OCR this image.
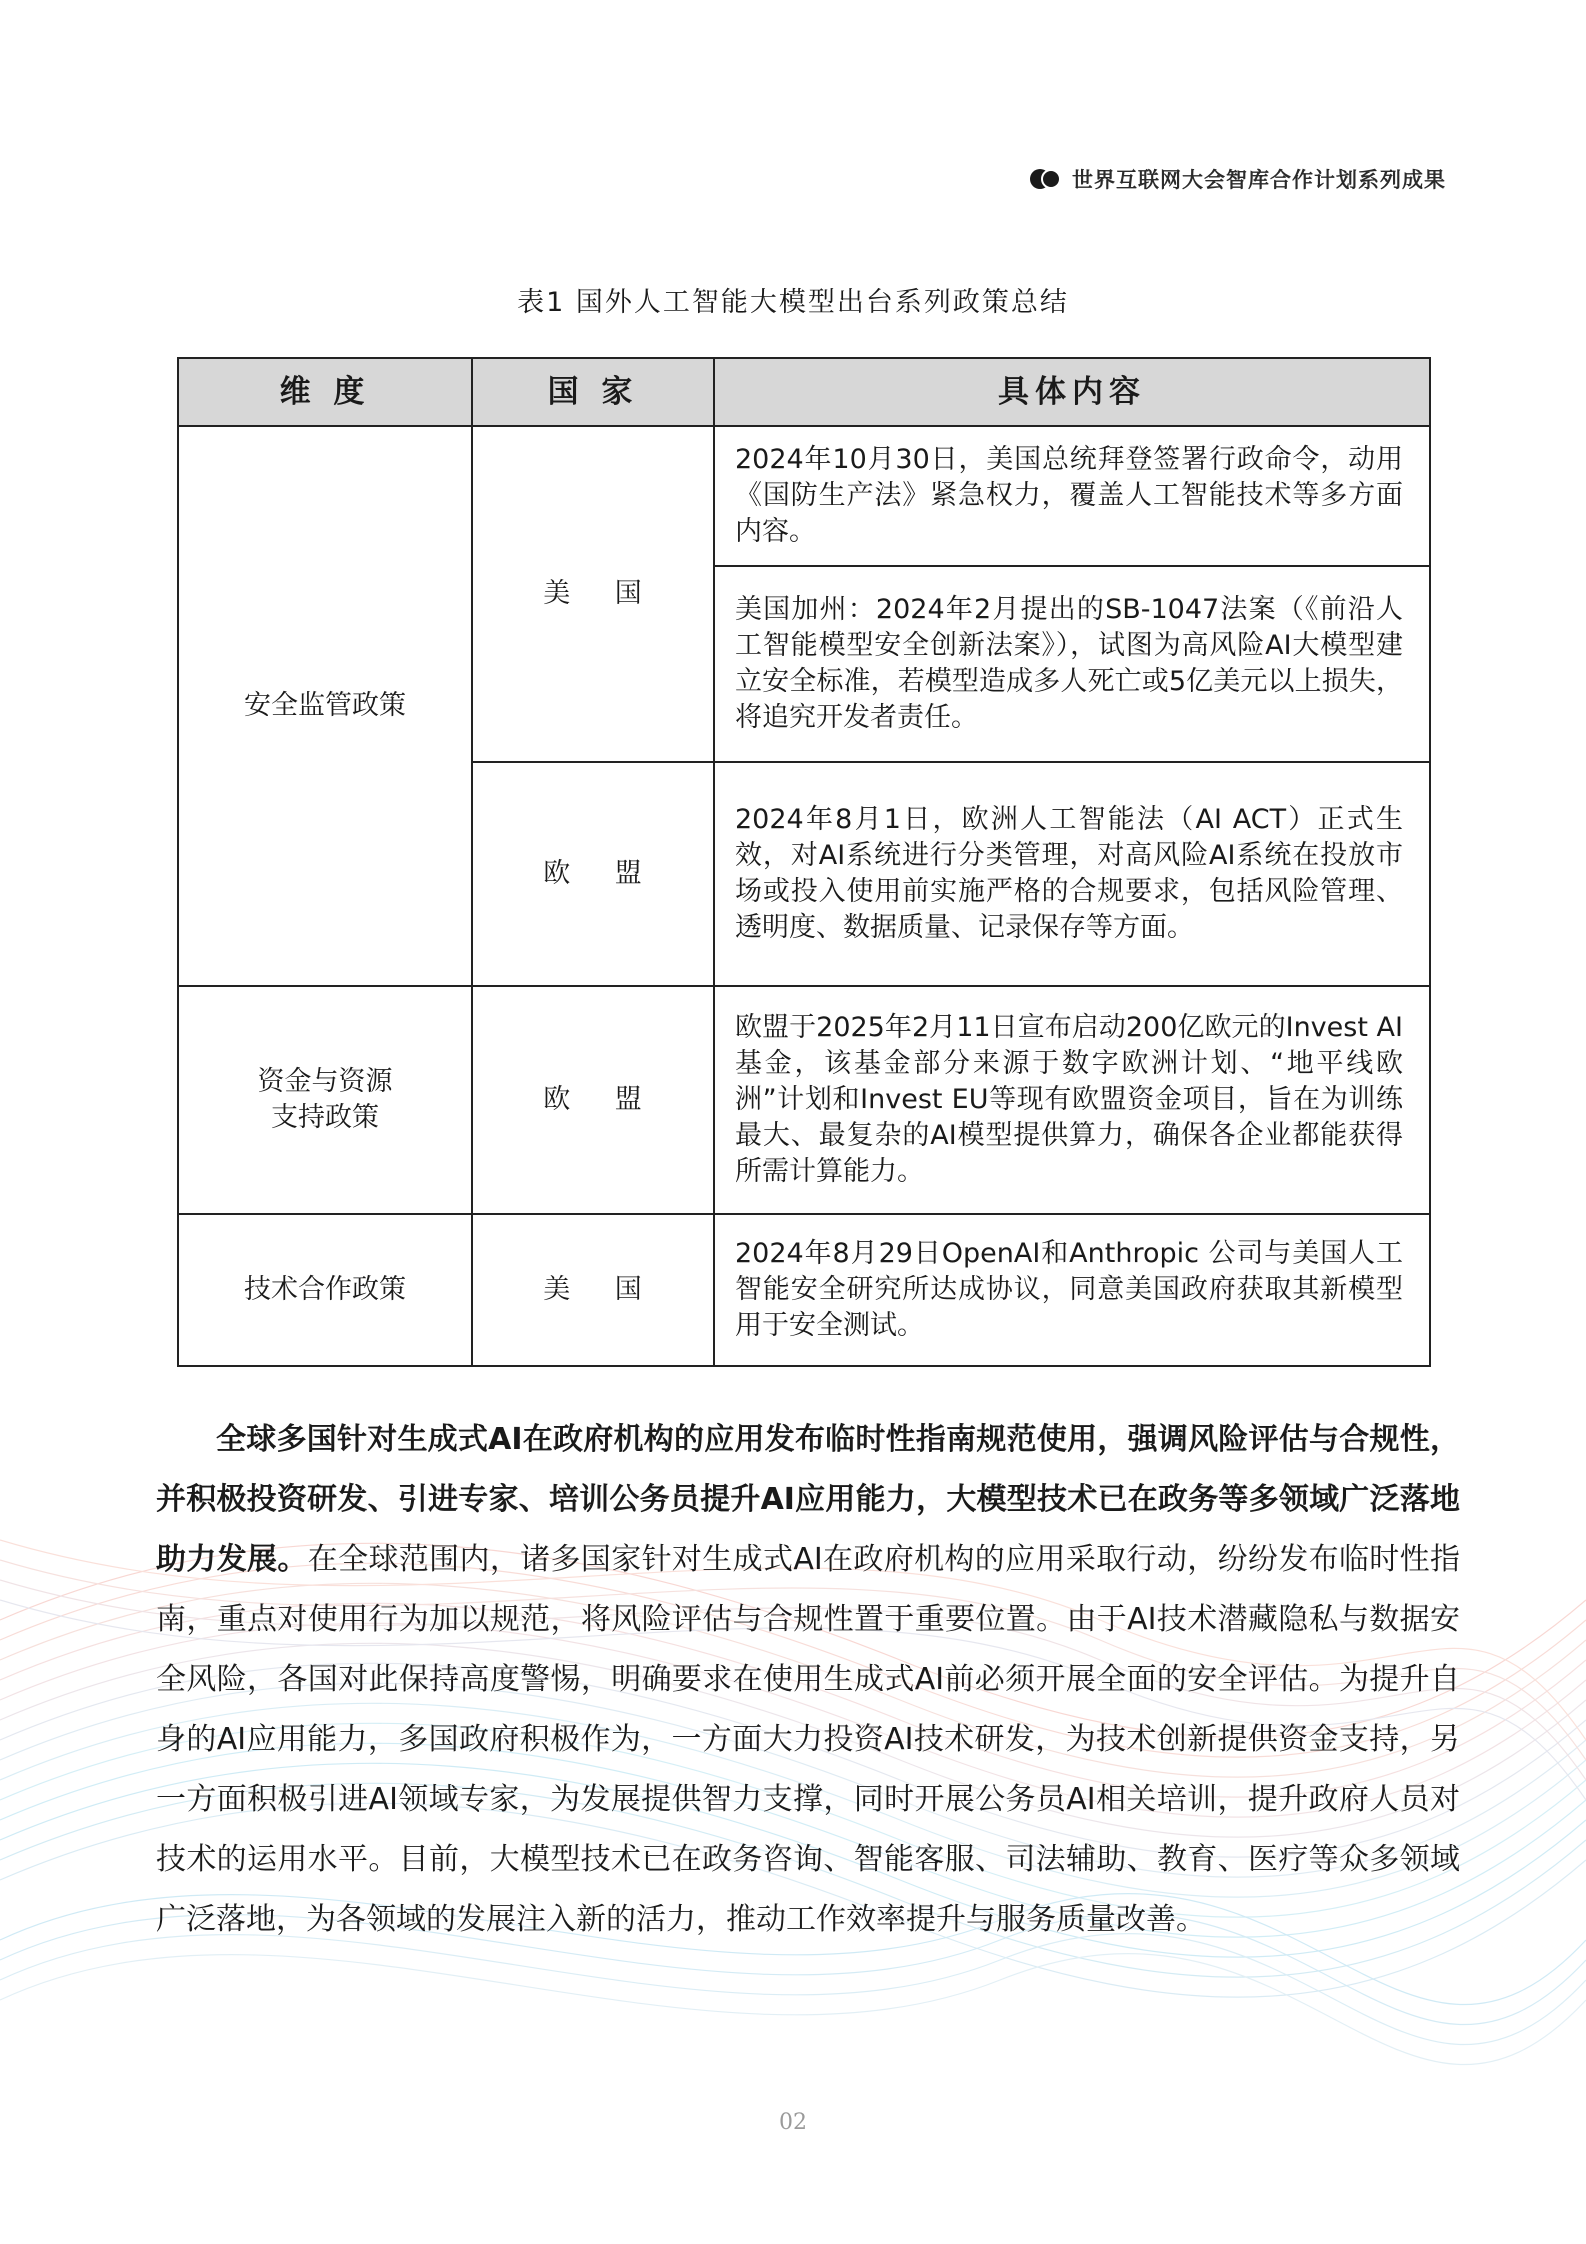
世界互联网大会智库合作计划系列成果
表1 国外人工智能大模型出台系列政策总结
维 度	国 家	具体内容
安全监管政策	美 国	2024年10月30日，美国总统拜登签署行政命令，动用《国防生产法》紧急权力，覆盖人工智能技术等多方面内容。
		美国加州：2024年2月提出的SB-1047法案（《前沿人工智能模型安全创新法案》），试图为高风险AI大模型建立安全标准，若模型造成多人死亡或5亿美元以上损失，将追究开发者责任。
	欧 盟	2024年8月1日，欧洲人工智能法（AI ACT）正式生效，对AI系统进行分类管理，对高风险AI系统在投放市场或投入使用前实施严格的合规要求，包括风险管理、透明度、数据质量、记录保存等方面。

资金与资源
支持政策	欧 盟	欧盟于2025年2月11日宣布启动200亿欧元的Invest AI基金，该基金部分来源于数字欧洲计划、“地平线欧洲”计划和Invest EU等现有欧盟资金项目，旨在为训练最大、最复杂的AI模型提供算力，确保各企业都能获得所需计算能力。
技术合作政策	美 国	2024年8月29日OpenAI和Anthropic 公司与美国人工智能安全研究所达成协议，同意美国政府获取其新模型用于安全测试。

全球多国针对生成式AI在政府机构的应用发布临时性指南规范使用，强调风险评估与合规性，并积极投资研发、引进专家、培训公务员提升AI应用能力，大模型技术已在政务等多领域广泛落地助力发展。在全球范围内，诸多国家针对生成式AI在政府机构的应用采取行动，纷纷发布临时性指南，重点对使用行为加以规范，将风险评估与合规性置于重要位置。由于AI技术潜藏隐私与数据安全风险，各国对此保持高度警惕，明确要求在使用生成式AI前必须开展全面的安全评估。为提升自身的AI应用能力，多国政府积极作为，一方面大力投资AI技术研发，为技术创新提供资金支持，另一方面积极引进AI领域专家，为发展提供智力支撑，同时开展公务员AI相关培训，提升政府人员对技术的运用水平。目前，大模型技术已在政务咨询、智能客服、司法辅助、教育、医疗等众多领域广泛落地，为各领域的发展注入新的活力，推动工作效率提升与服务质量改善。

02
